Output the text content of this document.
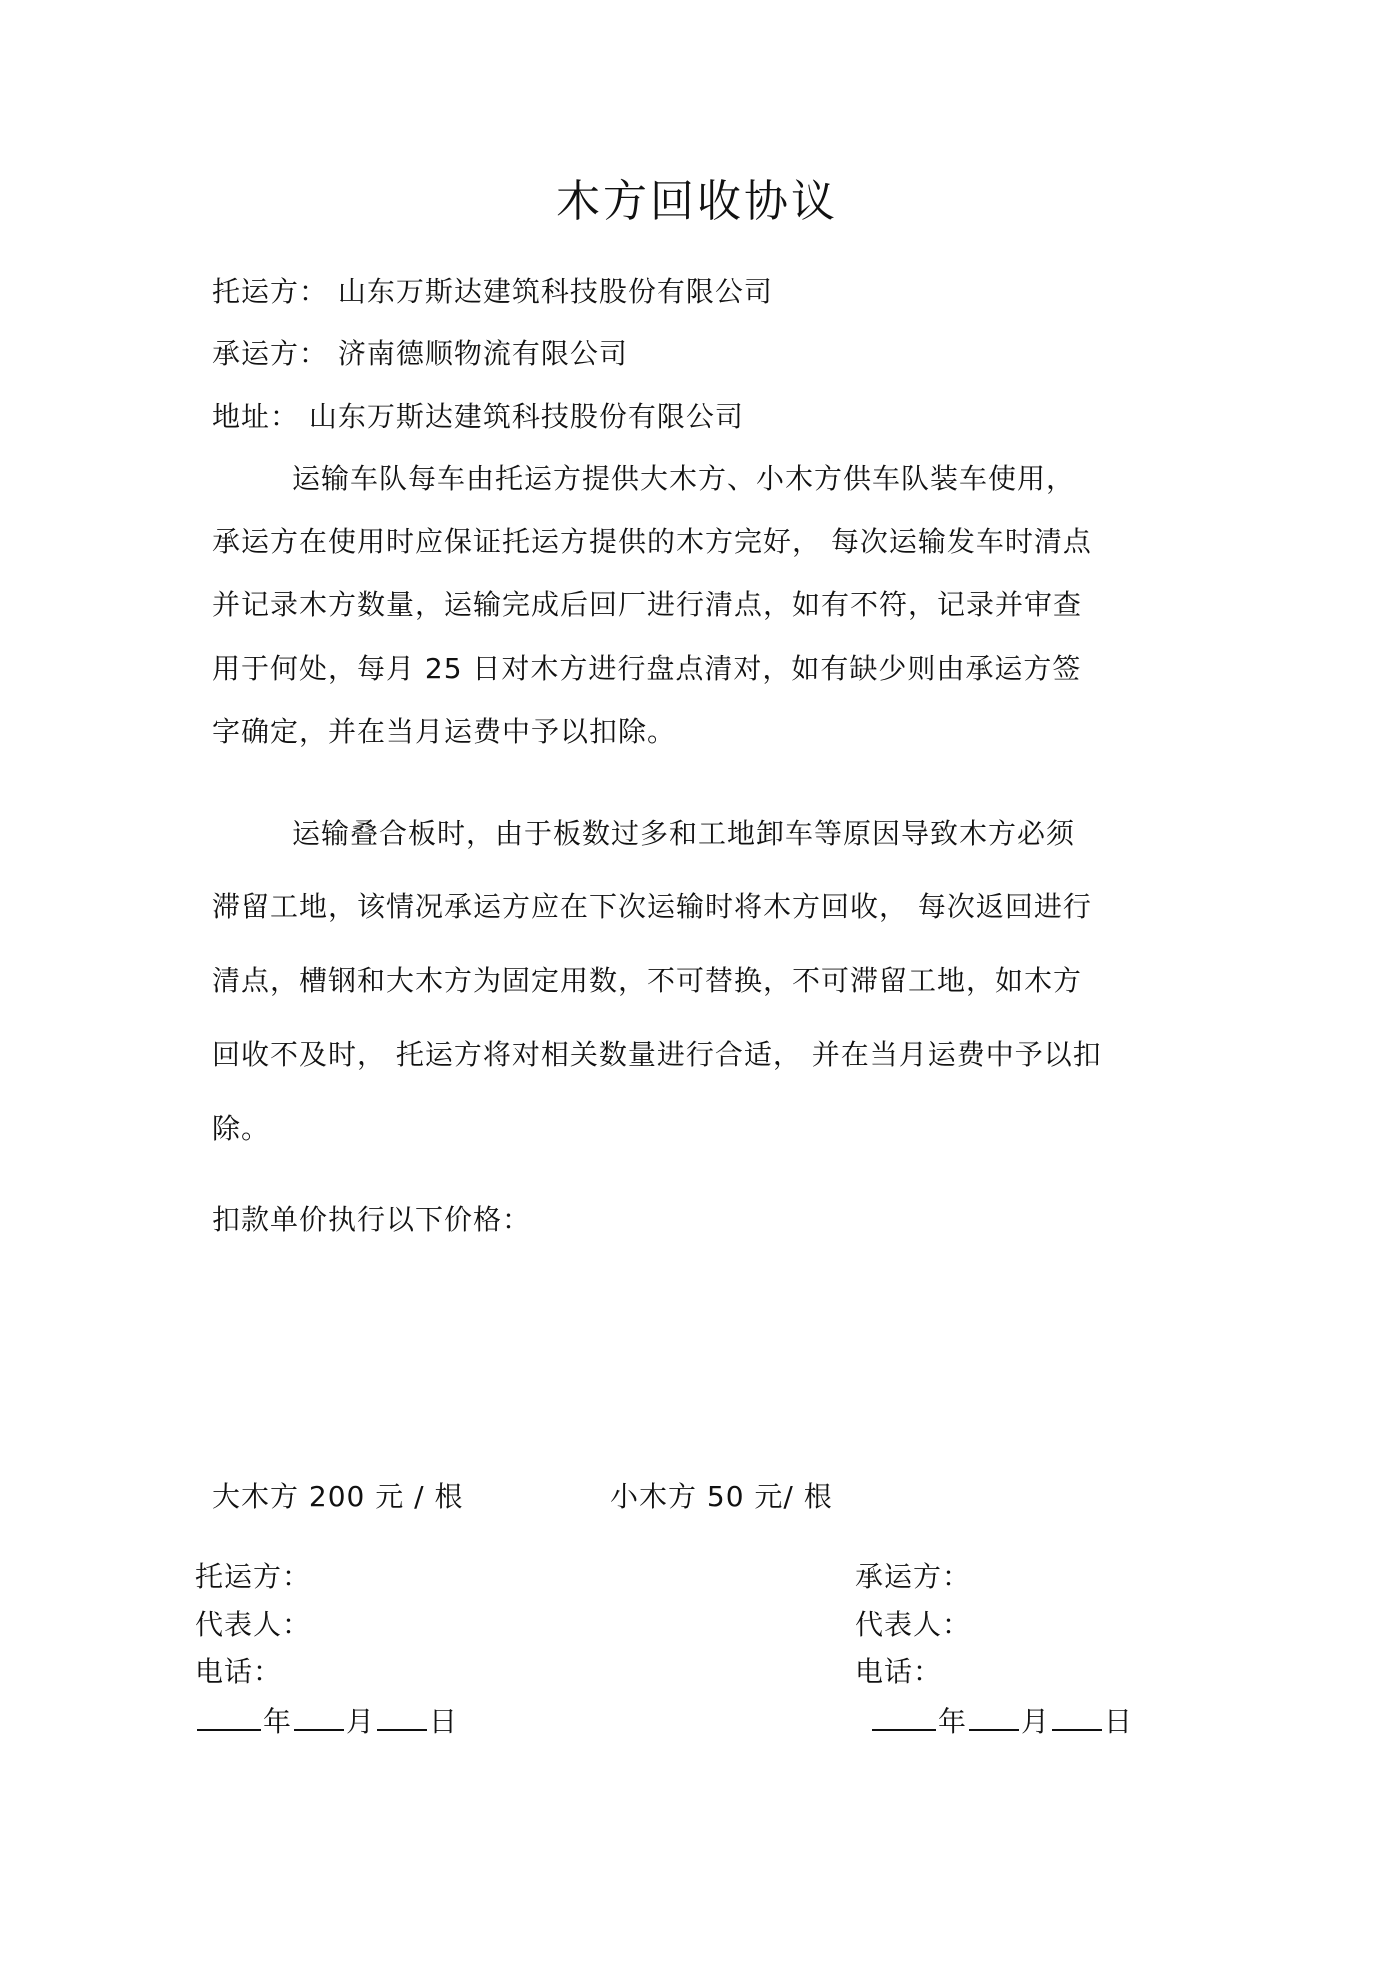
木方回收协议
托运方： 山东万斯达建筑科技股份有限公司
承运方： 济南德顺物流有限公司
地址： 山东万斯达建筑科技股份有限公司
运输车队每车由托运方提供大木方、小木方供车队装车使用，
承运方在使用时应保证托运方提供的木方完好， 每次运输发车时清点
并记录木方数量，运输完成后回厂进行清点，如有不符，记录并审查
用于何处，每月 25 日对木方进行盘点清对，如有缺少则由承运方签
字确定，并在当月运费中予以扣除。
运输叠合板时，由于板数过多和工地卸车等原因导致木方必须
滞留工地，该情况承运方应在下次运输时将木方回收， 每次返回进行
清点，槽钢和大木方为固定用数，不可替换，不可滞留工地，如木方
回收不及时， 托运方将对相关数量进行合适， 并在当月运费中予以扣
除。
扣款单价执行以下价格：
大木方 200 元 / 根	小木方 50 元/ 根
托运方：
代表人：
电话：
年 月 日
承运方：
代表人：
电话：
年 月 日
